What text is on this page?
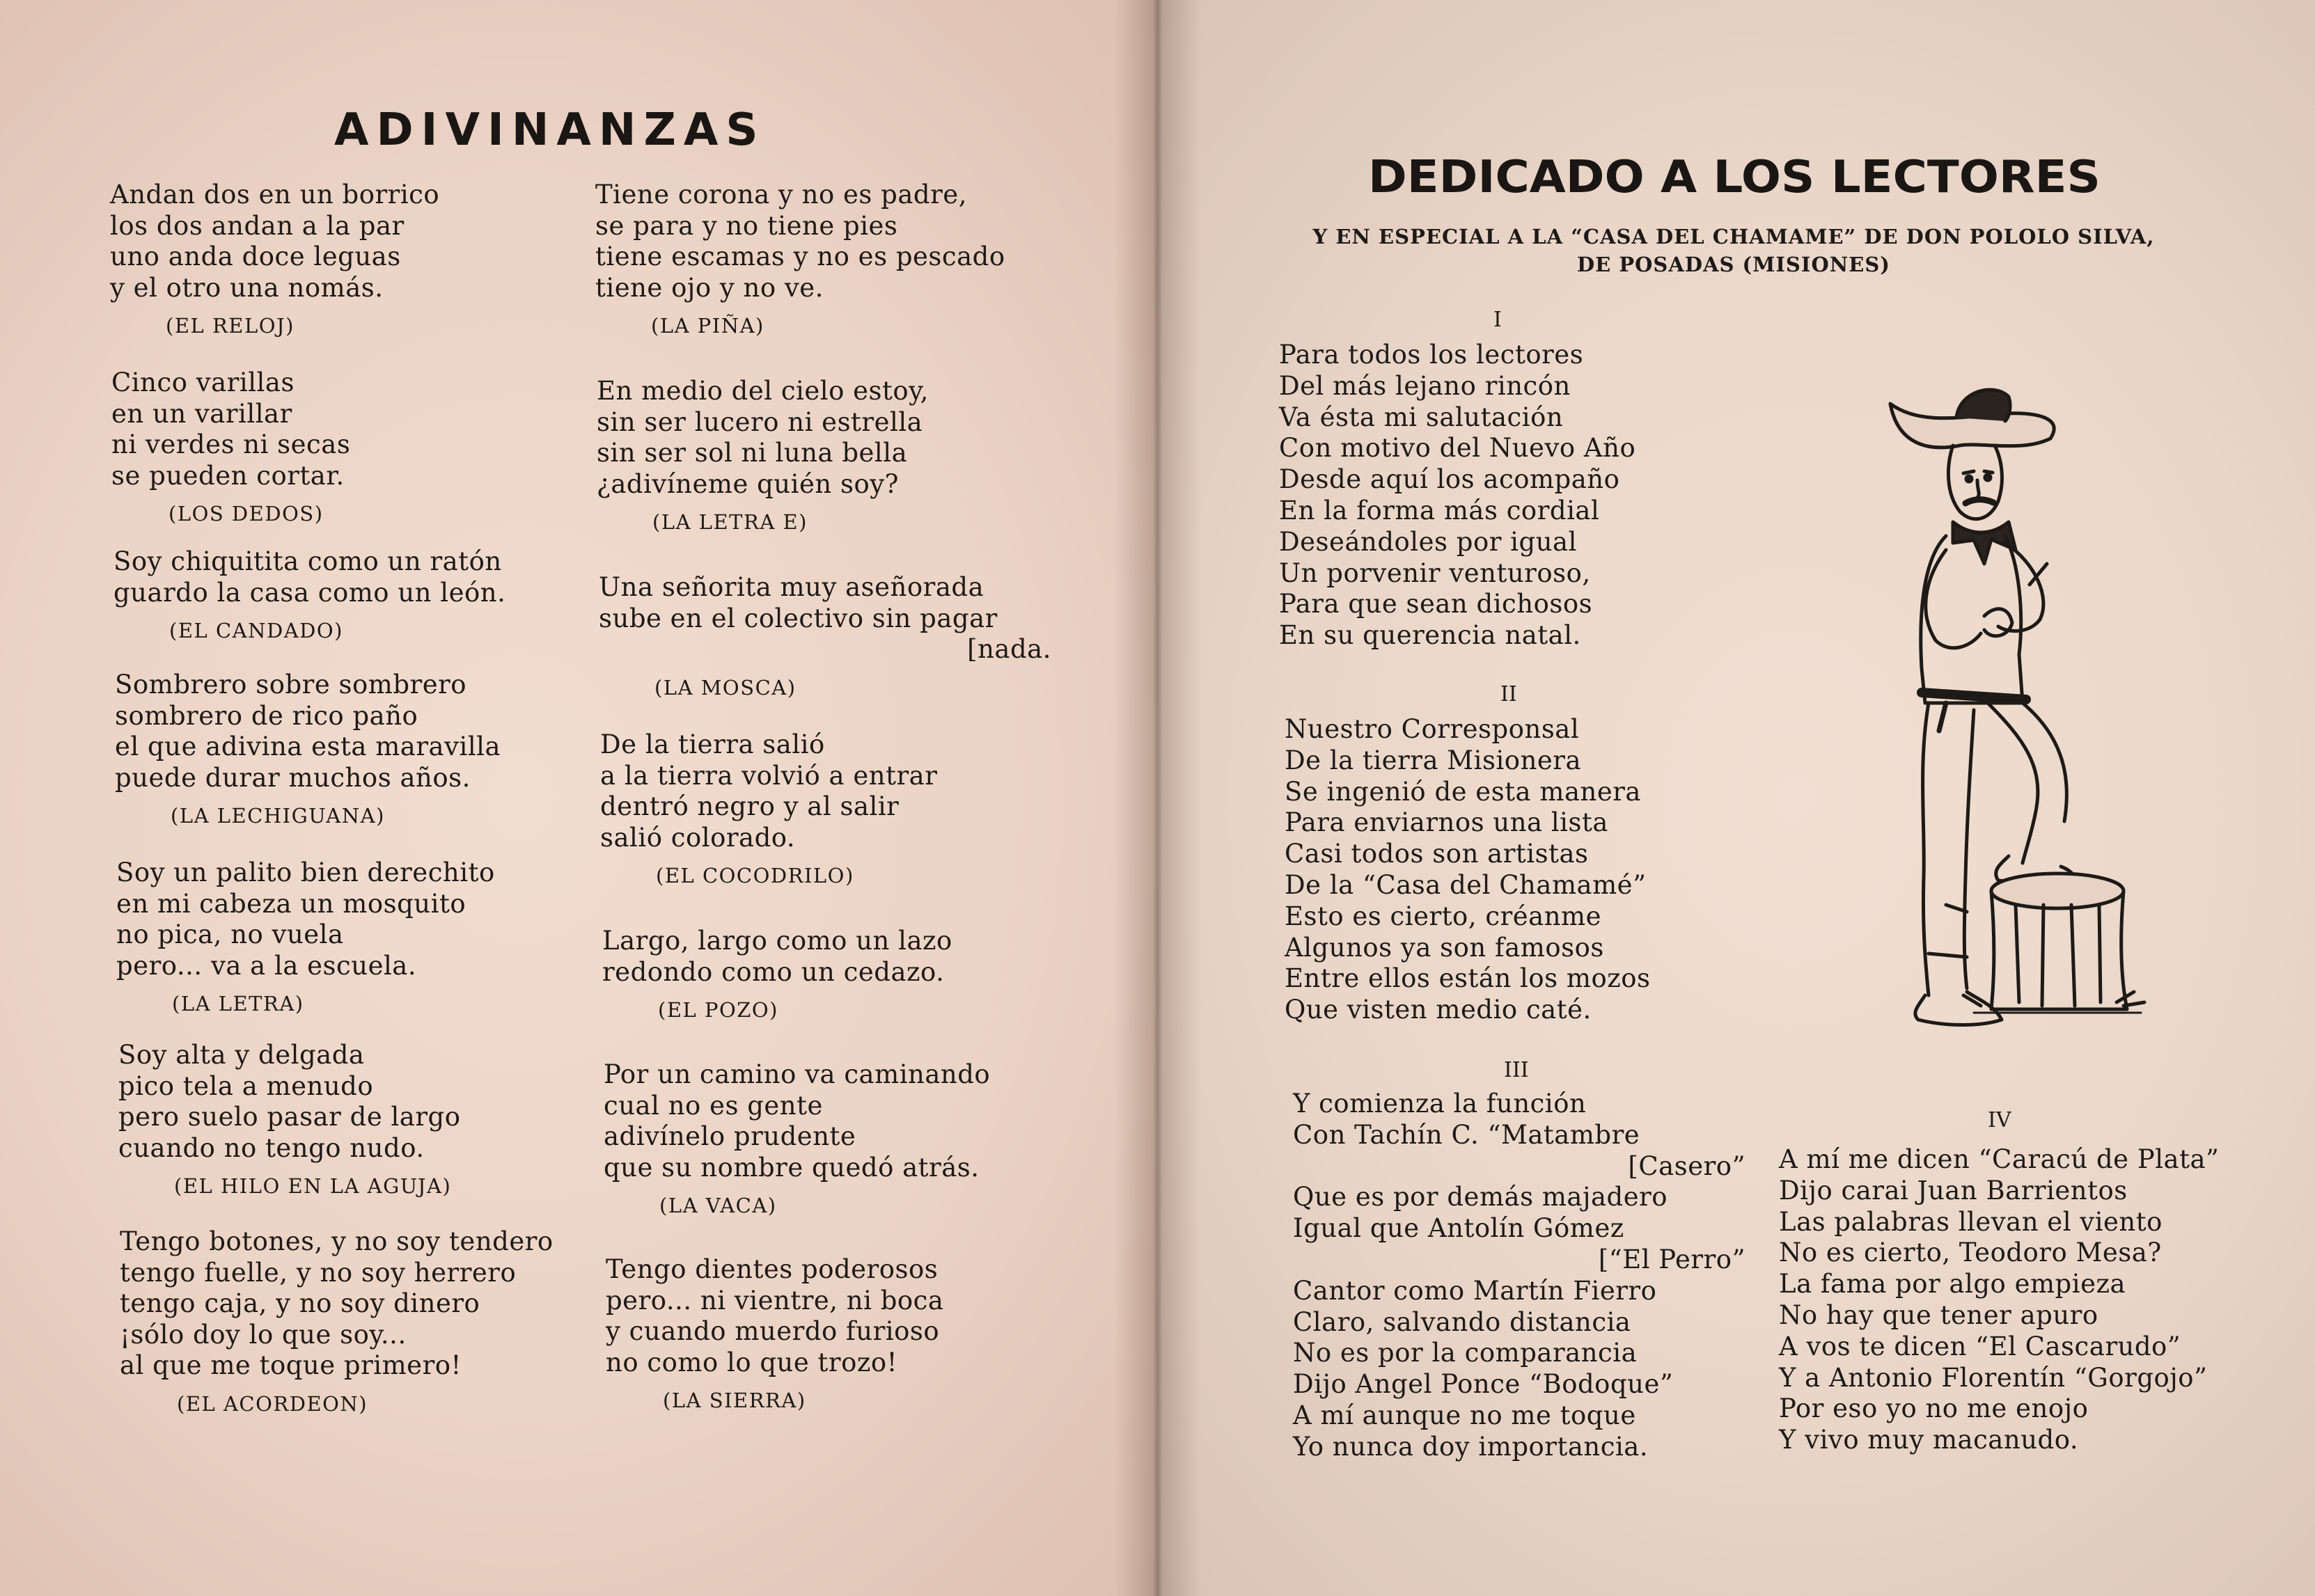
ADIVINANZAS
Andan dos en un borrico
los dos andan a la par
uno anda doce leguas
y el otro una nomás.
(EL RELOJ)
Cinco varillas
en un varillar
ni verdes ni secas
se pueden cortar.
(LOS DEDOS)
Soy chiquitita como un ratón
guardo la casa como un león.
(EL CANDADO)
Sombrero sobre sombrero
sombrero de rico paño
el que adivina esta maravilla
puede durar muchos años.
(LA LECHIGUANA)
Soy un palito bien derechito
en mi cabeza un mosquito
no pica, no vuela
pero... va a la escuela.
(LA LETRA)
Soy alta y delgada
pico tela a menudo
pero suelo pasar de largo
cuando no tengo nudo.
(EL HILO EN LA AGUJA)
Tengo botones, y no soy tendero
tengo fuelle, y no soy herrero
tengo caja, y no soy dinero
¡sólo doy lo que soy...
al que me toque primero!
(EL ACORDEON)
Tiene corona y no es padre,
se para y no tiene pies
tiene escamas y no es pescado
tiene ojo y no ve.
(LA PIÑA)
En medio del cielo estoy,
sin ser lucero ni estrella
sin ser sol ni luna bella
¿adivíneme quién soy?
(LA LETRA E)
Una señorita muy aseñorada
sube en el colectivo sin pagar
[nada.
(LA MOSCA)
De la tierra salió
a la tierra volvió a entrar
dentró negro y al salir
salió colorado.
(EL COCODRILO)
Largo, largo como un lazo
redondo como un cedazo.
(EL POZO)
Por un camino va caminando
cual no es gente
adivínelo prudente
que su nombre quedó atrás.
(LA VACA)
Tengo dientes poderosos
pero... ni vientre, ni boca
y cuando muerdo furioso
no como lo que trozo!
(LA SIERRA)
DEDICADO A LOS LECTORES
Y EN ESPECIAL A LA “CASA DEL CHAMAME” DE DON POLOLO SILVA,
DE POSADAS (MISIONES)
I
Para todos los lectores
Del más lejano rincón
Va ésta mi salutación
Con motivo del Nuevo Año
Desde aquí los acompaño
En la forma más cordial
Deseándoles por igual
Un porvenir venturoso,
Para que sean dichosos
En su querencia natal.
II
Nuestro Corresponsal
De la tierra Misionera
Se ingenió de esta manera
Para enviarnos una lista
Casi todos son artistas
De la “Casa del Chamamé”
Esto es cierto, créanme
Algunos ya son famosos
Entre ellos están los mozos
Que visten medio caté.
III
Y comienza la función
Con Tachín C. “Matambre
[Casero”
Que es por demás majadero
Igual que Antolín Gómez
[“El Perro”
Cantor como Martín Fierro
Claro, salvando distancia
No es por la comparancia
Dijo Angel Ponce “Bodoque”
A mí aunque no me toque
Yo nunca doy importancia.
IV
A mí me dicen “Caracú de Plata”
Dijo carai Juan Barrientos
Las palabras llevan el viento
No es cierto, Teodoro Mesa?
La fama por algo empieza
No hay que tener apuro
A vos te dicen “El Cascarudo”
Y a Antonio Florentín “Gorgojo”
Por eso yo no me enojo
Y vivo muy macanudo.
